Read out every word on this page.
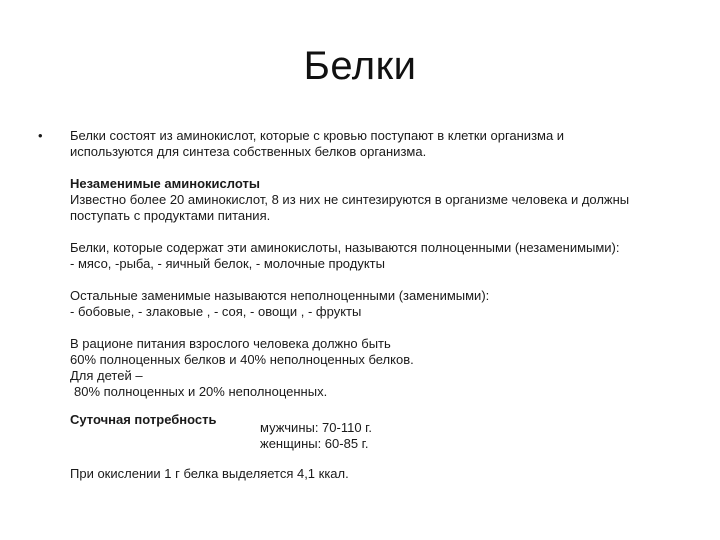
Белки
• Белки состоят из аминокислот, которые с кровью поступают в клетки организма и

используются для синтеза собственных белков организма.

Незаменимые аминокислоты

Известно более 20 аминокислот, 8 из них не синтезируются в организме человека и должны

поступать с продуктами питания.

Белки, которые содержат эти аминокислоты, называются полноценными (незаменимыми):

- мясо, -рыба, - яичный белок, - молочные продукты

Остальные заменимые называются неполноценными (заменимыми):

- бобовые, - злаковые , - соя, - овощи , - фрукты

В рационе питания взрослого человека должно быть

60% полноценных белков и 40% неполноценных белков.

Для детей –

80% полноценных и 20% неполноценных.

Суточная потребность
мужчины: 70-110 г.
женщины: 60-85 г.

При окислении 1 г белка выделяется 4,1 ккал.
